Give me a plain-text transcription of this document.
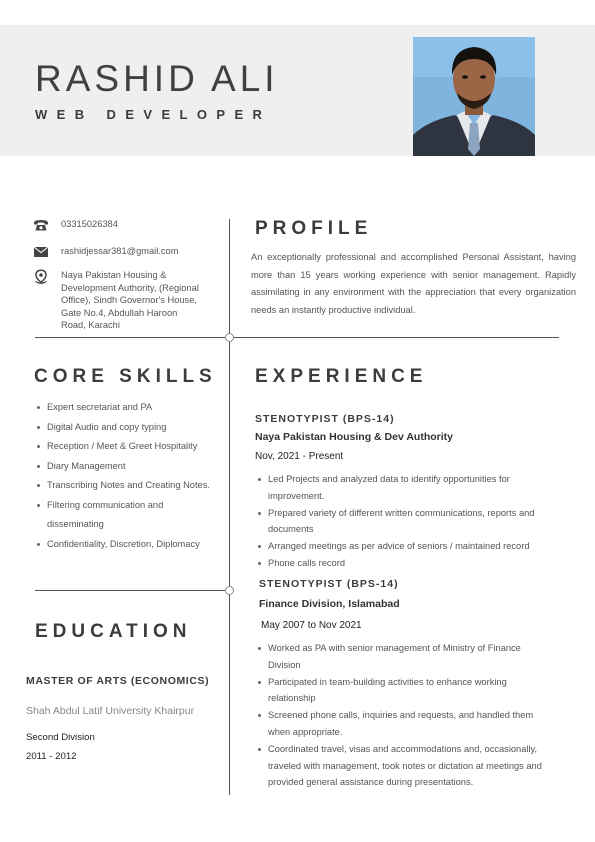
RASHID ALI
WEB DEVELOPER
03315026384
rashidjessar381@gmail.com
Naya Pakistan Housing &
Development Authority, (Regional
Office), Sindh Governor's House,
Gate No.4, Abdullah Haroon
Road, Karachi
PROFILE
An exceptionally professional and accomplished Personal Assistant, having more than 15 years working experience with senior management. Rapidly assimilating in any environment with the appreciation that every organization needs an instantly productive individual.
CORE SKILLS
Expert secretariat and PA
Digital Audio and copy typing
Reception / Meet & Greet Hospitality
Diary Management
Transcribing Notes and Creating Notes.
Filtering communication and disseminating
Confidentiality, Discretion, Diplomacy
EXPERIENCE
STENOTYPIST (BPS-14)
Naya Pakistan Housing & Dev Authority
Nov, 2021 - Present
Led Projects and analyzed data to identify opportunities for improvement.
Prepared variety of different written communications, reports and documents
Arranged meetings as per advice of seniors / maintained record
Phone calls record
STENOTYPIST (BPS-14)
Finance Division, Islamabad
May 2007 to Nov 2021
Worked as PA with senior management of Ministry of Finance Division
Participated in team-building activities to enhance working relationship
Screened phone calls, inquiries and requests, and handled them when appropriate.
Coordinated travel, visas and accommodations and, occasionally, traveled with management, took notes or dictation at meetings and provided general assistance during presentations.
EDUCATION
MASTER OF ARTS (ECONOMICS)
Shah Abdul Latif University Khairpur
Second Division
2011 - 2012
